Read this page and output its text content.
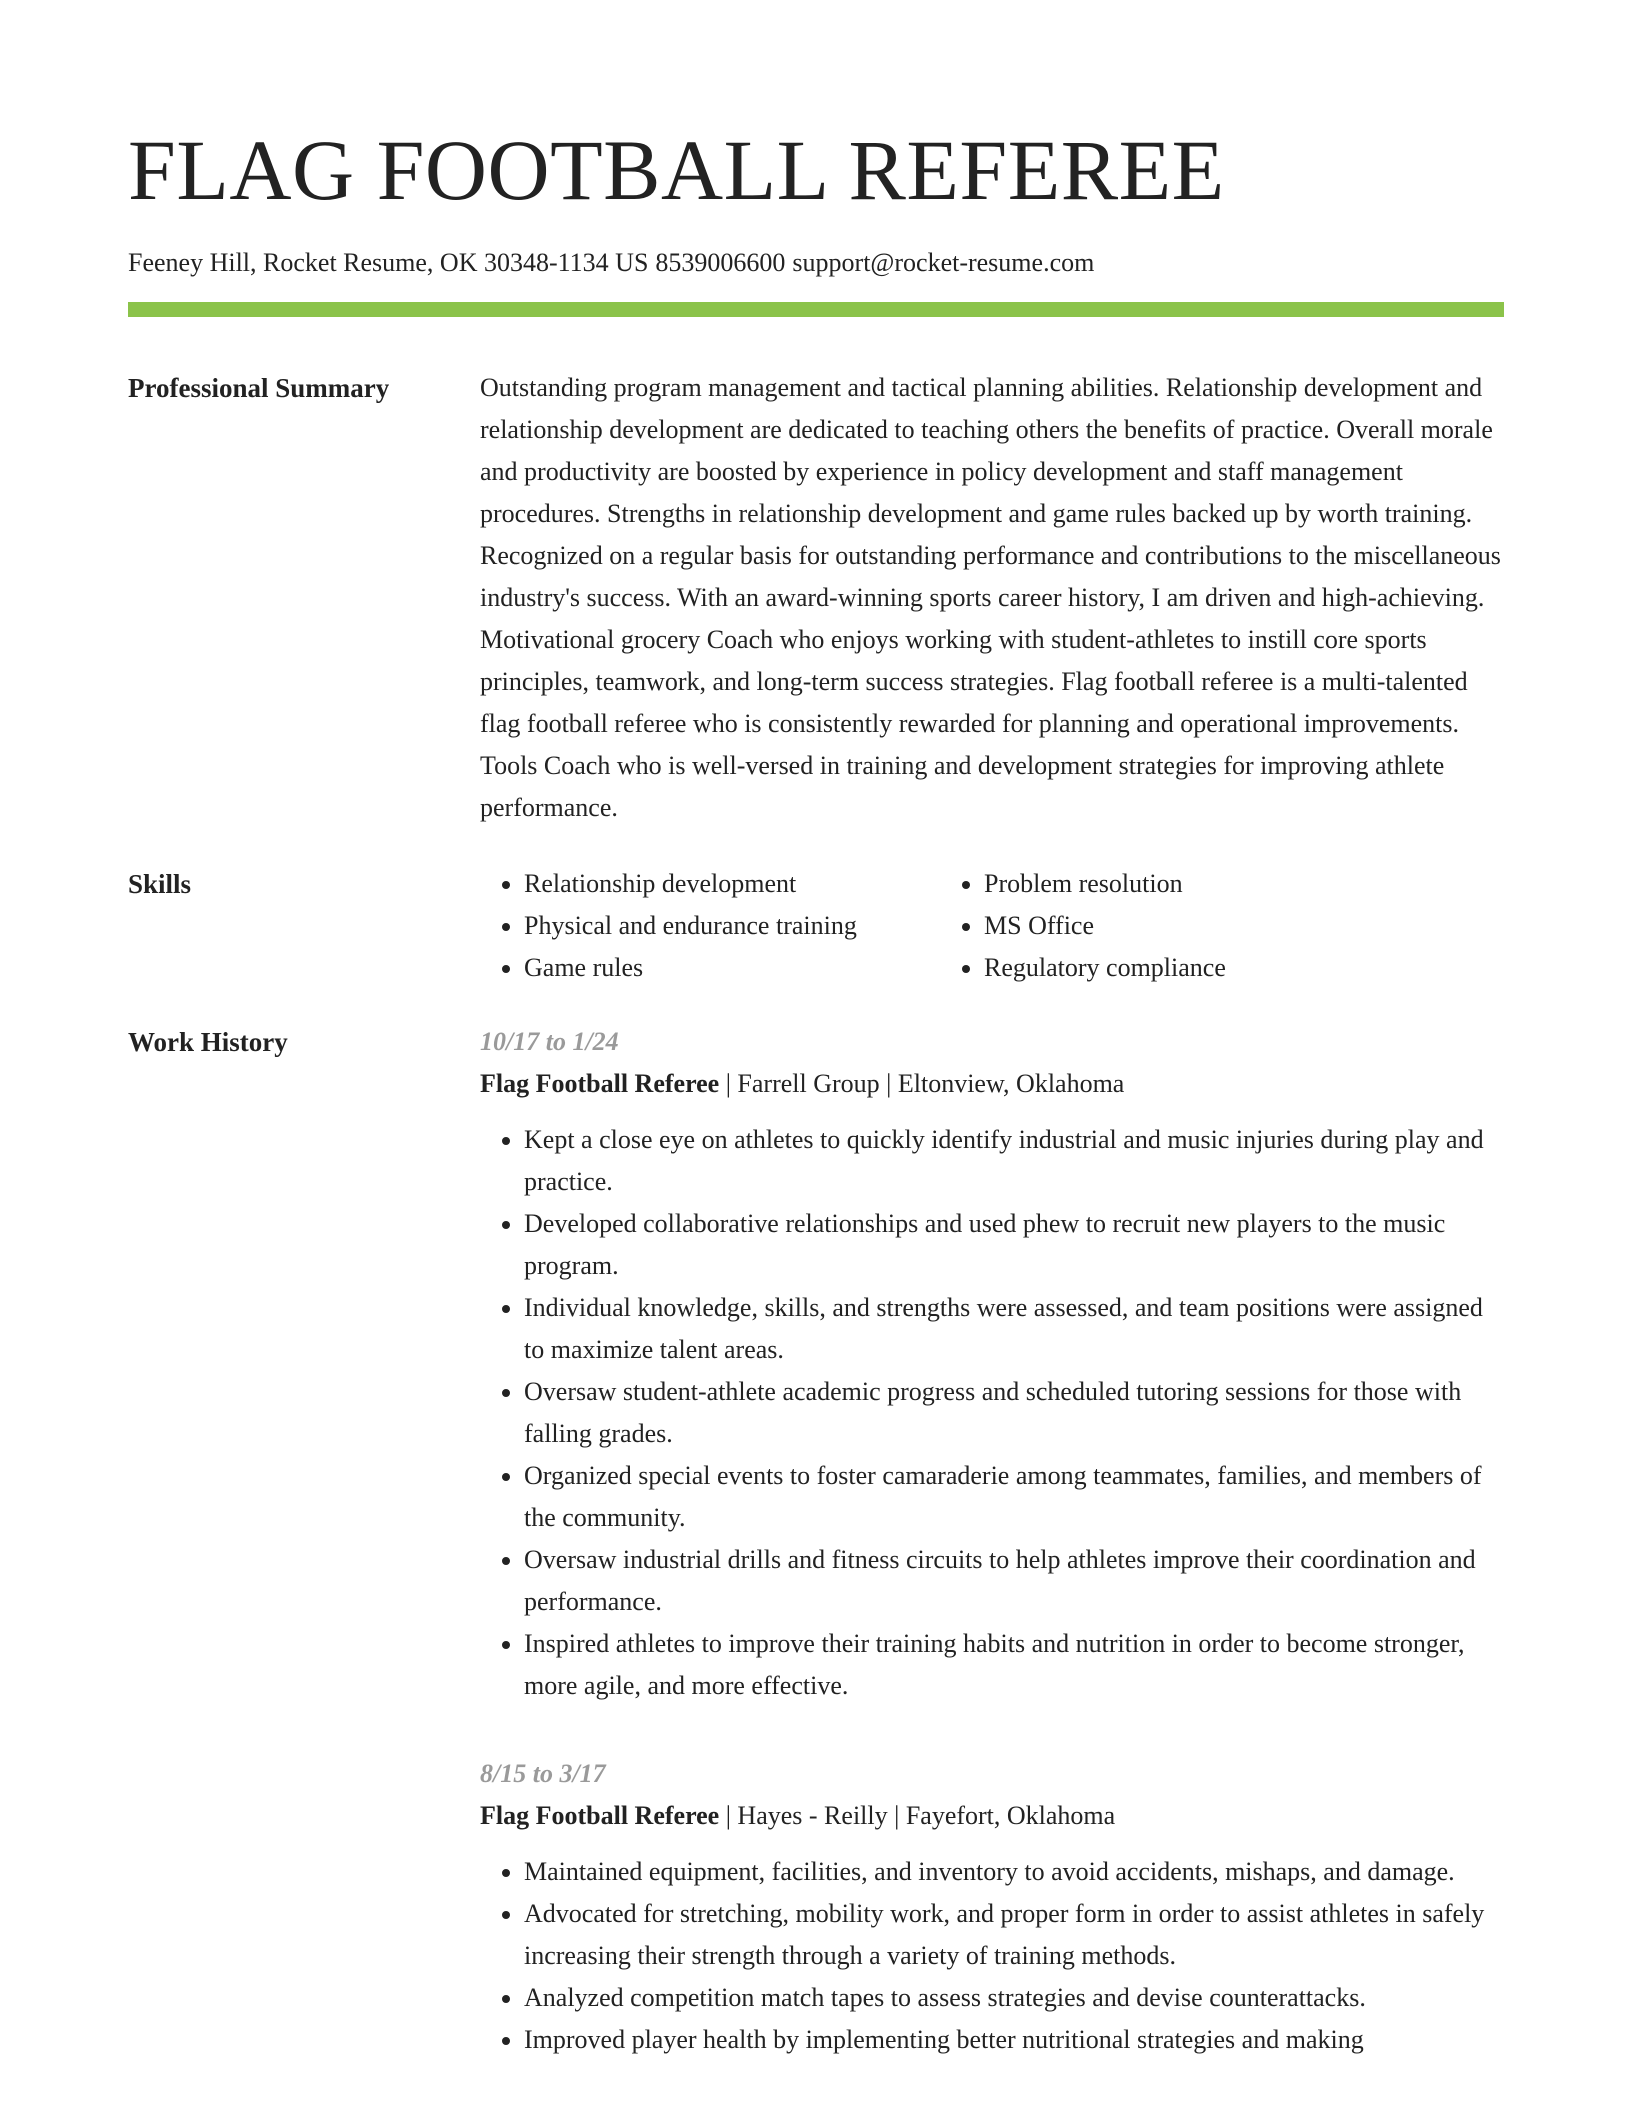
FLAG FOOTBALL REFEREE
Feeney Hill, Rocket Resume, OK 30348-1134 US 8539006600 support@rocket-resume.com
Professional Summary	Outstanding program management and tactical planning abilities. Relationship development and relationship development are dedicated to teaching others the benefits of practice. Overall morale and productivity are boosted by experience in policy development and staff management procedures. Strengths in relationship development and game rules backed up by worth training. Recognized on a regular basis for outstanding performance and contributions to the miscellaneous industry's success. With an award-winning sports career history, I am driven and high-achieving. Motivational grocery Coach who enjoys working with student-athletes to instill core sports principles, teamwork, and long-term success strategies. Flag football referee is a multi-talented flag football referee who is consistently rewarded for planning and operational improvements. Tools Coach who is well-versed in training and development strategies for improving athlete performance.

Skills
•	Relationship development
• Physical and endurance training
• Game rules
• Problem resolution
• MS Office
• Regulatory compliance
Work History	10/17 to 1/24
Flag Football Referee | Farrell Group | Eltonview, Oklahoma
• Kept a close eye on athletes to quickly identify industrial and music injuries during play and practice.
• Developed collaborative relationships and used phew to recruit new players to the music program.
• Individual knowledge, skills, and strengths were assessed, and team positions were assigned to maximize talent areas.
• Oversaw student-athlete academic progress and scheduled tutoring sessions for those with falling grades.
• Organized special events to foster camaraderie among teammates, families, and members of the community.
• Oversaw industrial drills and fitness circuits to help athletes improve their coordination and performance.
• Inspired athletes to improve their training habits and nutrition in order to become stronger, more agile, and more effective.
8/15 to 3/17
Flag Football Referee | Hayes - Reilly | Fayefort, Oklahoma
• Maintained equipment, facilities, and inventory to avoid accidents, mishaps, and damage.
• Advocated for stretching, mobility work, and proper form in order to assist athletes in safely increasing their strength through a variety of training methods.
• Analyzed competition match tapes to assess strategies and devise counterattacks.
• Improved player health by implementing better nutritional strategies and making
